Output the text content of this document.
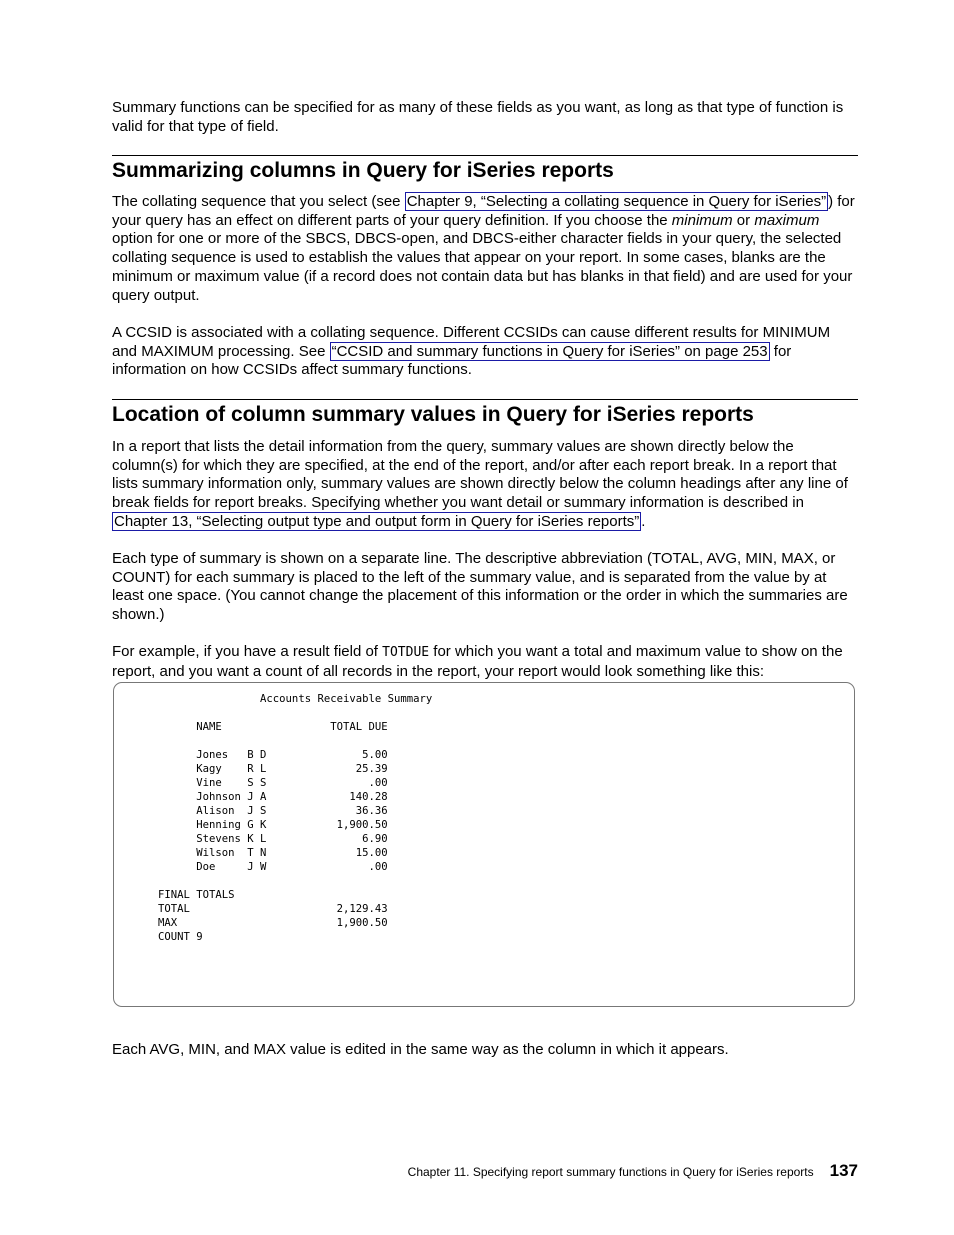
Summary functions can be specified for as many of these fields as you want, as long as that type of function is valid for that type of field.

Summarizing columns in Query for iSeries reports

The collating sequence that you select (see Chapter 9, “Selecting a collating sequence in Query for iSeries” ) for your query has an effect on different parts of your query definition. If you choose the minimum or maximum option for one or more of the SBCS, DBCS-open, and DBCS-either character fields in your query, the selected collating sequence is used to establish the values that appear on your report. In some cases, blanks are the minimum or maximum value (if a record does not contain data but has blanks in that field) and are used for your query output.

A CCSID is associated with a collating sequence. Different CCSIDs can cause different results for MINIMUM and MAXIMUM processing. See “CCSID and summary functions in Query for iSeries” on page 253 for information on how CCSIDs affect summary functions.

Location of column summary values in Query for iSeries reports

In a report that lists the detail information from the query, summary values are shown directly below the column(s) for which they are specified, at the end of the report, and/or after each report break. In a report that lists summary information only, summary values are shown directly below the column headings after any line of break fields for report breaks. Specifying whether you want detail or summary information is described in Chapter 13, “Selecting output type and output form in Query for iSeries reports” .

Each type of summary is shown on a separate line. The descriptive abbreviation (TOTAL, AVG, MIN, MAX, or COUNT) for each summary is placed to the left of the summary value, and is separated from the value by at least one space. (You cannot change the placement of this information or the order in which the summaries are shown.)

For example, if you have a result field of TOTDUE for which you want a total and maximum value to show on the report, and you want a count of all records in the report, your report would look something like this:

Accounts Receivable Summary

NAME                 TOTAL DUE

Jones   B D               5.00
Kagy    R L              25.39
Vine    S S                .00
Johnson J A             140.28
Alison  J S              36.36
Henning G K           1,900.50
Stevens K L               6.90
Wilson  T N              15.00
Doe     J W                .00

FINAL TOTALS
TOTAL                       2,129.43
MAX                         1,900.50
COUNT 9

Each AVG, MIN, and MAX value is edited in the same way as the column in which it appears.

Chapter 11. Specifying report summary functions in Query for iSeries reports 137
